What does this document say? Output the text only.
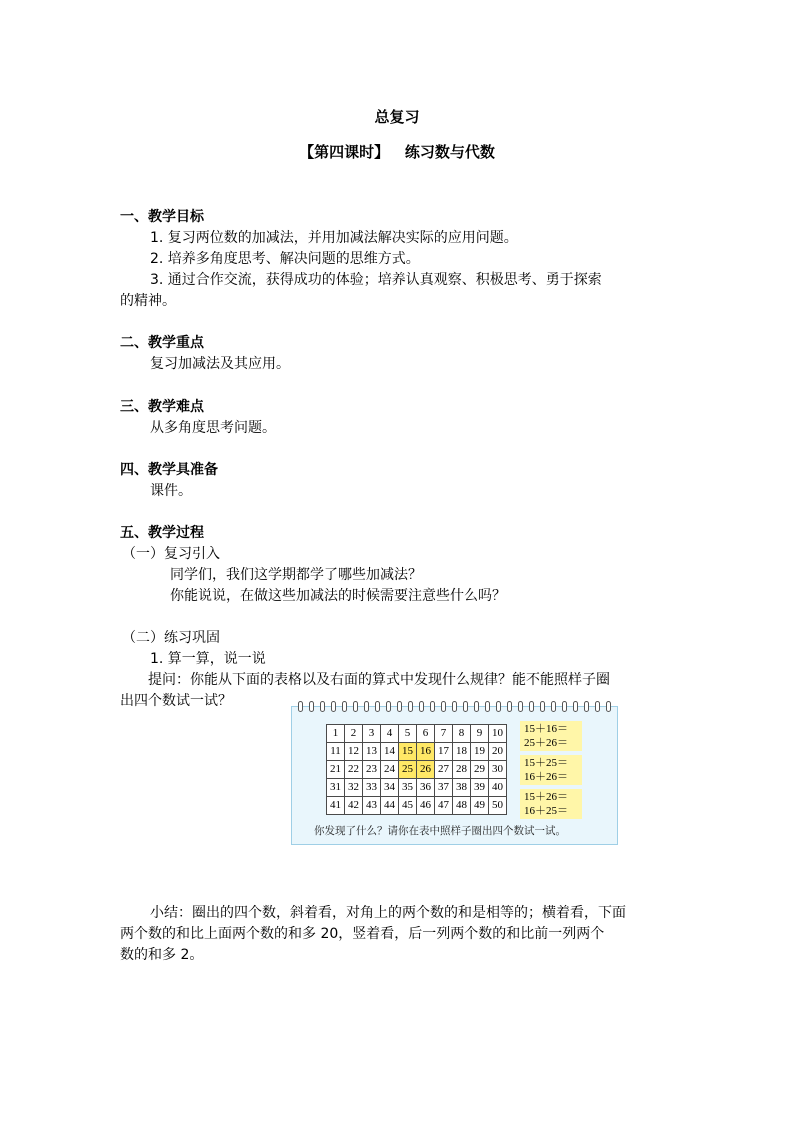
总复习
【第四课时】   练习数与代数
一、教学目标
1. 复习两位数的加减法，并用加减法解决实际的应用问题。
2. 培养多角度思考、解决问题的思维方式。
3. 通过合作交流，获得成功的体验；培养认真观察、积极思考、勇于探索
的精神。
二、教学重点
复习加减法及其应用。
三、教学难点
从多角度思考问题。
四、教学具准备
课件。
五、教学过程
（一）复习引入
同学们，我们这学期都学了哪些加减法？
你能说说，在做这些加减法的时候需要注意些什么吗？
（二）练习巩固
1. 算一算，说一说
提问：你能从下面的表格以及右面的算式中发现什么规律？能不能照样子圈
出四个数试一试？
1	2	3	4	5	6	7	8	9	10
11	12	13	14	15	16	17	18	19	20
21	22	23	24	25	26	27	28	29	30
31	32	33	34	35	36	37	38	39	40
41	42	43	44	45	46	47	48	49	50
15＋16＝
25＋26＝
15＋25＝
16＋26＝
15＋26＝
16＋25＝
你发现了什么？请你在表中照样子圈出四个数试一试。
小结：圈出的四个数，斜着看，对角上的两个数的和是相等的；横着看，下面
两个数的和比上面两个数的和多 20，竖着看，后一列两个数的和比前一列两个
数的和多 2。
